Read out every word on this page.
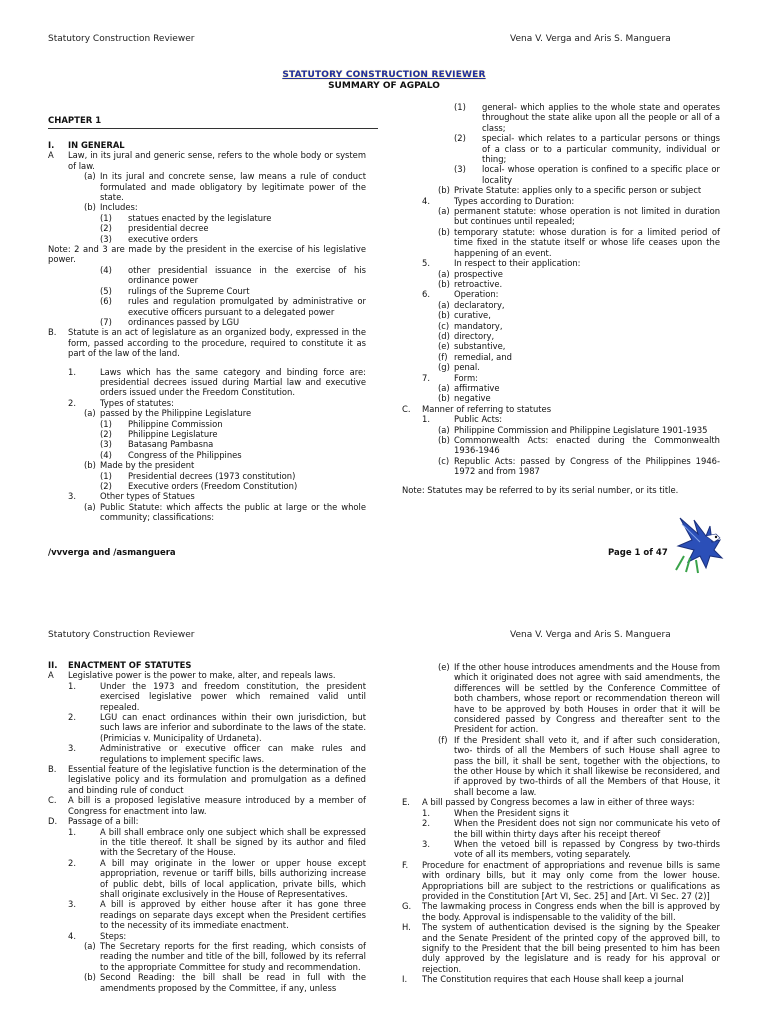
Statutory Construction Reviewer	Vena V. Verga and Aris S. Manguera
STATUTORY CONSTRUCTION REVIEWER
SUMMARY OF AGPALO
CHAPTER 1
I. IN GENERAL
A Law, in its jural and generic sense, refers to the whole body or system of law.
(a) In its jural and concrete sense, law means a rule of conduct formulated and made obligatory by legitimate power of the state.
(b) Includes:
(1) statues enacted by the legislature
(2) presidential decree
(3) executive orders
Note: 2 and 3 are made by the president in the exercise of his legislative power.
(4) other presidential issuance in the exercise of his ordinance power
(5) rulings of the Supreme Court
(6) rules and regulation promulgated by administrative or executive officers pursuant to a delegated power
(7) ordinances passed by LGU
B. Statute is an act of legislature as an organized body, expressed in the form, passed according to the procedure, required to constitute it as part of the law of the land.
1.	Laws which has the same category and binding force are: presidential decrees issued during Martial law and executive orders issued under the Freedom Constitution.
2.	Types of statutes:
(a) passed by the Philippine Legislature
(1) Philippine Commission
(2) Philippine Legislature
(3) Batasang Pambasna
(4) Congress of the Philippines
(b) Made by the president
(1) Presidential decrees (1973 constitution)
(2) Executive orders (Freedom Constitution)
3.	Other types of Statues
(a) Public Statute: which affects the public at large or the whole community; classifications:
(1) general- which applies to the whole state and operates throughout the state alike upon all the people or all of a class;
(2) special- which relates to a particular persons or things of a class or to a particular community, individual or thing;
(3) local- whose operation is confined to a specific place or locality
(b) Private Statute: applies only to a specific person or subject
4.	Types according to Duration:
(a) permanent statute: whose operation is not limited in duration but continues until repealed;
(b) temporary statute: whose duration is for a limited period of time fixed in the statute itself or whose life ceases upon the happening of an event.
5.	In respect to their application:
(a) prospective
(b) retroactive.
6.	Operation:
(a) declaratory,
(b) curative,
(c) mandatory,
(d) directory,
(e) substantive,
(f) remedial, and
(g) penal.
7.	Form:
(a) affirmative
(b) negative
C. Manner of referring to statutes
1.	Public Acts:
(a) Philippine Commission and Philippine Legislature 1901-1935
(b) Commonwealth Acts: enacted during the Commonwealth 1936-1946
(c) Republic Acts: passed by Congress of the Philippines 1946-1972 and from 1987
Note: Statutes may be referred to by its serial number, or its title.
/vvverga and /asmanguera	Page 1 of 47
Statutory Construction Reviewer	Vena V. Verga and Aris S. Manguera
II. ENACTMENT OF STATUTES
A Legislative power is the power to make, alter, and repeals laws.
1.	Under the 1973 and freedom constitution, the president exercised legislative power which remained valid until repealed.
2.	LGU can enact ordinances within their own jurisdiction, but such laws are inferior and subordinate to the laws of the state. (Primicias v. Municipality of Urdaneta).
3.	Administrative or executive officer can make rules and regulations to implement specific laws.
B. Essential feature of the legislative function is the determination of the legislative policy and its formulation and promulgation as a defined and binding rule of conduct
C. A bill is a proposed legislative measure introduced by a member of Congress for enactment into law.
D. Passage of a bill:
1.	A bill shall embrace only one subject which shall be expressed in the title thereof. It shall be signed by its author and filed with the Secretary of the House.
2.	A bill may originate in the lower or upper house except appropriation, revenue or tariff bills, bills authorizing increase of public debt, bills of local application, private bills, which shall originate exclusively in the House of Representatives.
3.	A bill is approved by either house after it has gone three readings on separate days except when the President certifies to the necessity of its immediate enactment.
4.	Steps:
(a) The Secretary reports for the first reading, which consists of reading the number and title of the bill, followed by its referral to the appropriate Committee for study and recommendation.
(b) Second Reading: the bill shall be read in full with the amendments proposed by the Committee, if any, unless
(e) If the other house introduces amendments and the House from which it originated does not agree with said amendments, the differences will be settled by the Conference Committee of both chambers, whose report or recommendation thereon will have to be approved by both Houses in order that it will be considered passed by Congress and thereafter sent to the President for action.
(f) If the President shall veto it, and if after such consideration, two- thirds of all the Members of such House shall agree to pass the bill, it shall be sent, together with the objections, to the other House by which it shall likewise be reconsidered, and if approved by two-thirds of all the Members of that House, it shall become a law.
E. A bill passed by Congress becomes a law in either of three ways:
1.	When the President signs it
2.	When the President does not sign nor communicate his veto of the bill within thirty days after his receipt thereof
3.	When the vetoed bill is repassed by Congress by two-thirds vote of all its members, voting separately.
F. Procedure for enactment of appropriations and revenue bills is same with ordinary bills, but it may only come from the lower house. Appropriations bill are subject to the restrictions or qualifications as provided in the Constitution [Art VI, Sec. 25] and [Art. VI Sec. 27 (2)]
G. The lawmaking process in Congress ends when the bill is approved by the body. Approval is indispensable to the validity of the bill.
H. The system of authentication devised is the signing by the Speaker and the Senate President of the printed copy of the approved bill, to signify to the President that the bill being presented to him has been duly approved by the legislature and is ready for his approval or rejection.
I. The Constitution requires that each House shall keep a journal
